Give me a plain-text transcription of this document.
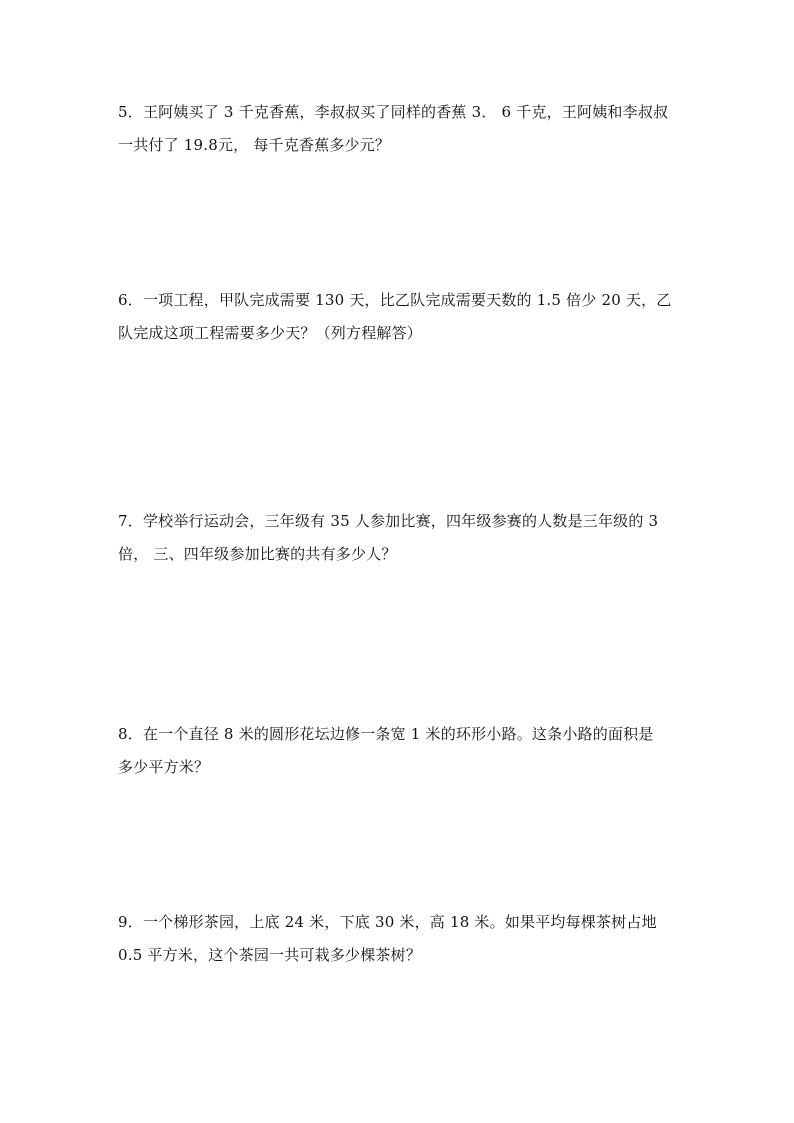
5．王阿姨买了 3 千克香蕉，李叔叔买了同样的香蕉 3． 6 千克，王阿姨和李叔叔
一共付了 19.8元， 每千克香蕉多少元？
6．一项工程，甲队完成需要 130 天，比乙队完成需要天数的 1.5 倍少 20 天，乙
队完成这项工程需要多少天？（列方程解答）
7．学校举行运动会，三年级有 35 人参加比赛，四年级参赛的人数是三年级的 3
倍， 三、四年级参加比赛的共有多少人？
8．在一个直径 8 米的圆形花坛边修一条宽 1 米的环形小路。这条小路的面积是
多少平方米？
9．一个梯形茶园，上底 24 米，下底 30 米，高 18 米。如果平均每棵茶树占地
0.5 平方米，这个茶园一共可栽多少棵茶树？
